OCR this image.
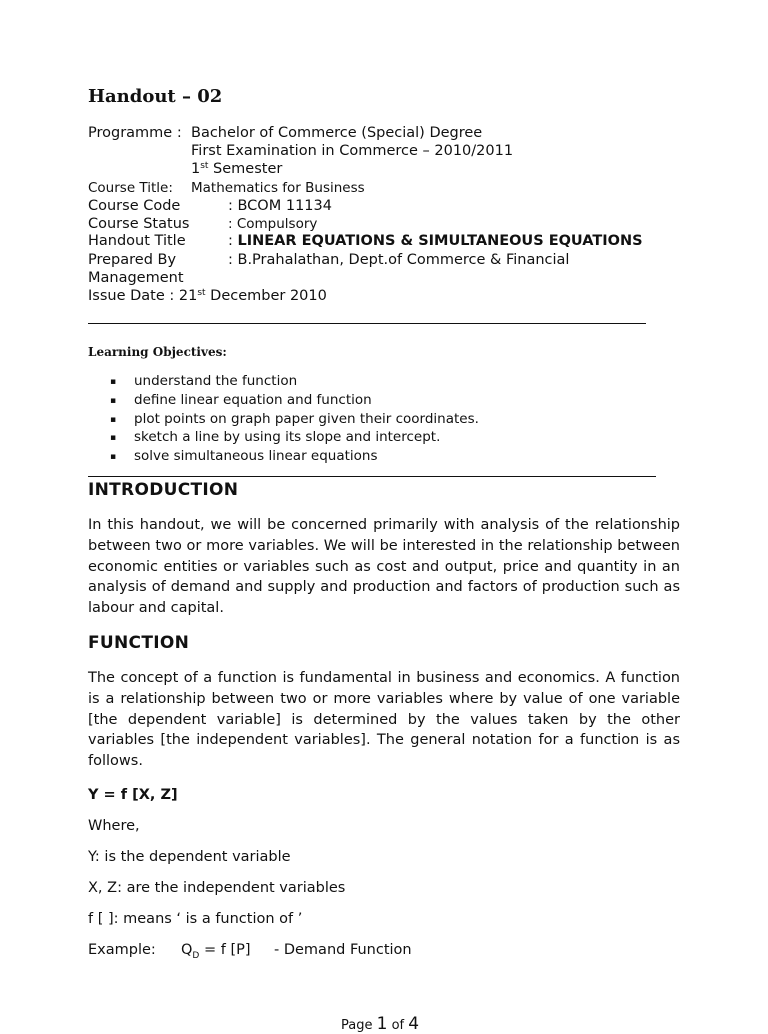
Handout – 02
Programme : Bachelor of Commerce (Special) Degree
First Examination in Commerce – 2010/2011
1st Semester
Course Title: Mathematics for Business
Course Code	: BCOM 11134
Course Status	: Compulsory
Handout Title	: LINEAR EQUATIONS & SIMULTANEOUS EQUATIONS
Prepared By	: B.Prahalathan, Dept.of Commerce & Financial
Management
Issue Date : 21st December 2010
Learning Objectives:
▪	understand the function
▪	define linear equation and function
▪	plot points on graph paper given their coordinates.
▪	sketch a line by using its slope and intercept.
▪	solve simultaneous linear equations
INTRODUCTION
In this handout, we will be concerned primarily with analysis of the relationship between two or more variables. We will be interested in the relationship between economic entities or variables such as cost and output, price and quantity in an analysis of demand and supply and production and factors of production such as labour and capital.
FUNCTION
The concept of a function is fundamental in business and economics. A function is a relationship between two or more variables where by value of one variable [the dependent variable] is determined by the values taken by the other variables [the independent variables]. The general notation for a function is as follows.
Y = f [X, Z]
Where,
Y: is the dependent variable
X, Z: are the independent variables
f [ ]: means ‘ is a function of ’
Example: $Q_D = f$ [P] - Demand Function
Page 1 of 4
